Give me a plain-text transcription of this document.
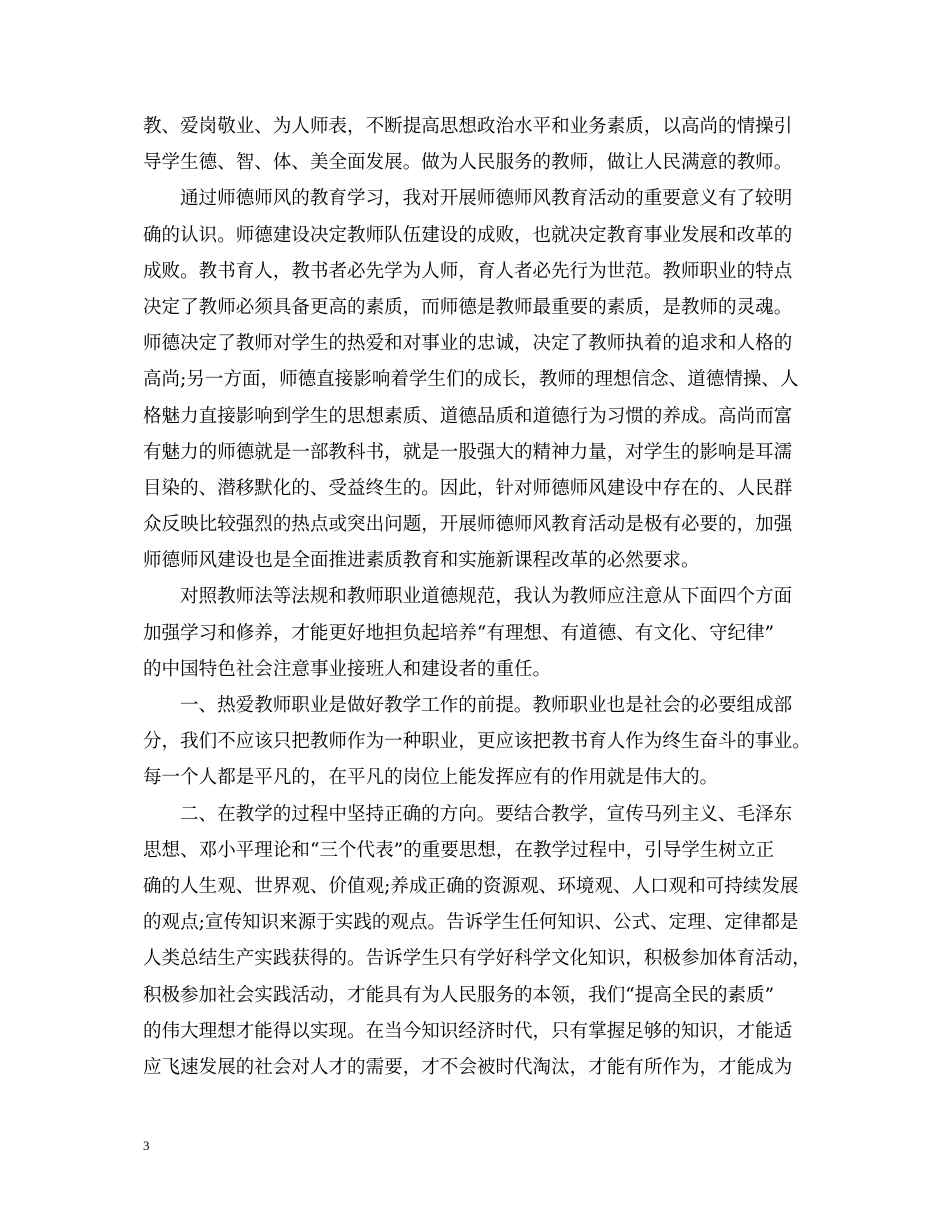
教、爱岗敬业、为人师表，不断提高思想政治水平和业务素质，以高尚的情操引
导学生德、智、体、美全面发展。做为人民服务的教师，做让人民满意的教师。
通过师德师风的教育学习，我对开展师德师风教育活动的重要意义有了较明
确的认识。师德建设决定教师队伍建设的成败，也就决定教育事业发展和改革的
成败。教书育人，教书者必先学为人师，育人者必先行为世范。教师职业的特点
决定了教师必须具备更高的素质，而师德是教师最重要的素质，是教师的灵魂。
师德决定了教师对学生的热爱和对事业的忠诚，决定了教师执着的追求和人格的
高尚;另一方面，师德直接影响着学生们的成长，教师的理想信念、道德情操、人
格魅力直接影响到学生的思想素质、道德品质和道德行为习惯的养成。高尚而富
有魅力的师德就是一部教科书，就是一股强大的精神力量，对学生的影响是耳濡
目染的、潜移默化的、受益终生的。因此，针对师德师风建设中存在的、人民群
众反映比较强烈的热点或突出问题，开展师德师风教育活动是极有必要的，加强
师德师风建设也是全面推进素质教育和实施新课程改革的必然要求。
对照教师法等法规和教师职业道德规范，我认为教师应注意从下面四个方面
加强学习和修养，才能更好地担负起培养“有理想、有道德、有文化、守纪律”
的中国特色社会注意事业接班人和建设者的重任。
一、热爱教师职业是做好教学工作的前提。教师职业也是社会的必要组成部
分，我们不应该只把教师作为一种职业，更应该把教书育人作为终生奋斗的事业。
每一个人都是平凡的，在平凡的岗位上能发挥应有的作用就是伟大的。
二、在教学的过程中坚持正确的方向。要结合教学，宣传马列主义、毛泽东
思想、邓小平理论和“三个代表”的重要思想，在教学过程中，引导学生树立正
确的人生观、世界观、价值观;养成正确的资源观、环境观、人口观和可持续发展
的观点;宣传知识来源于实践的观点。告诉学生任何知识、公式、定理、定律都是
人类总结生产实践获得的。告诉学生只有学好科学文化知识，积极参加体育活动，
积极参加社会实践活动，才能具有为人民服务的本领，我们“提高全民的素质”
的伟大理想才能得以实现。在当今知识经济时代，只有掌握足够的知识，才能适
应飞速发展的社会对人才的需要，才不会被时代淘汰，才能有所作为，才能成为
3
